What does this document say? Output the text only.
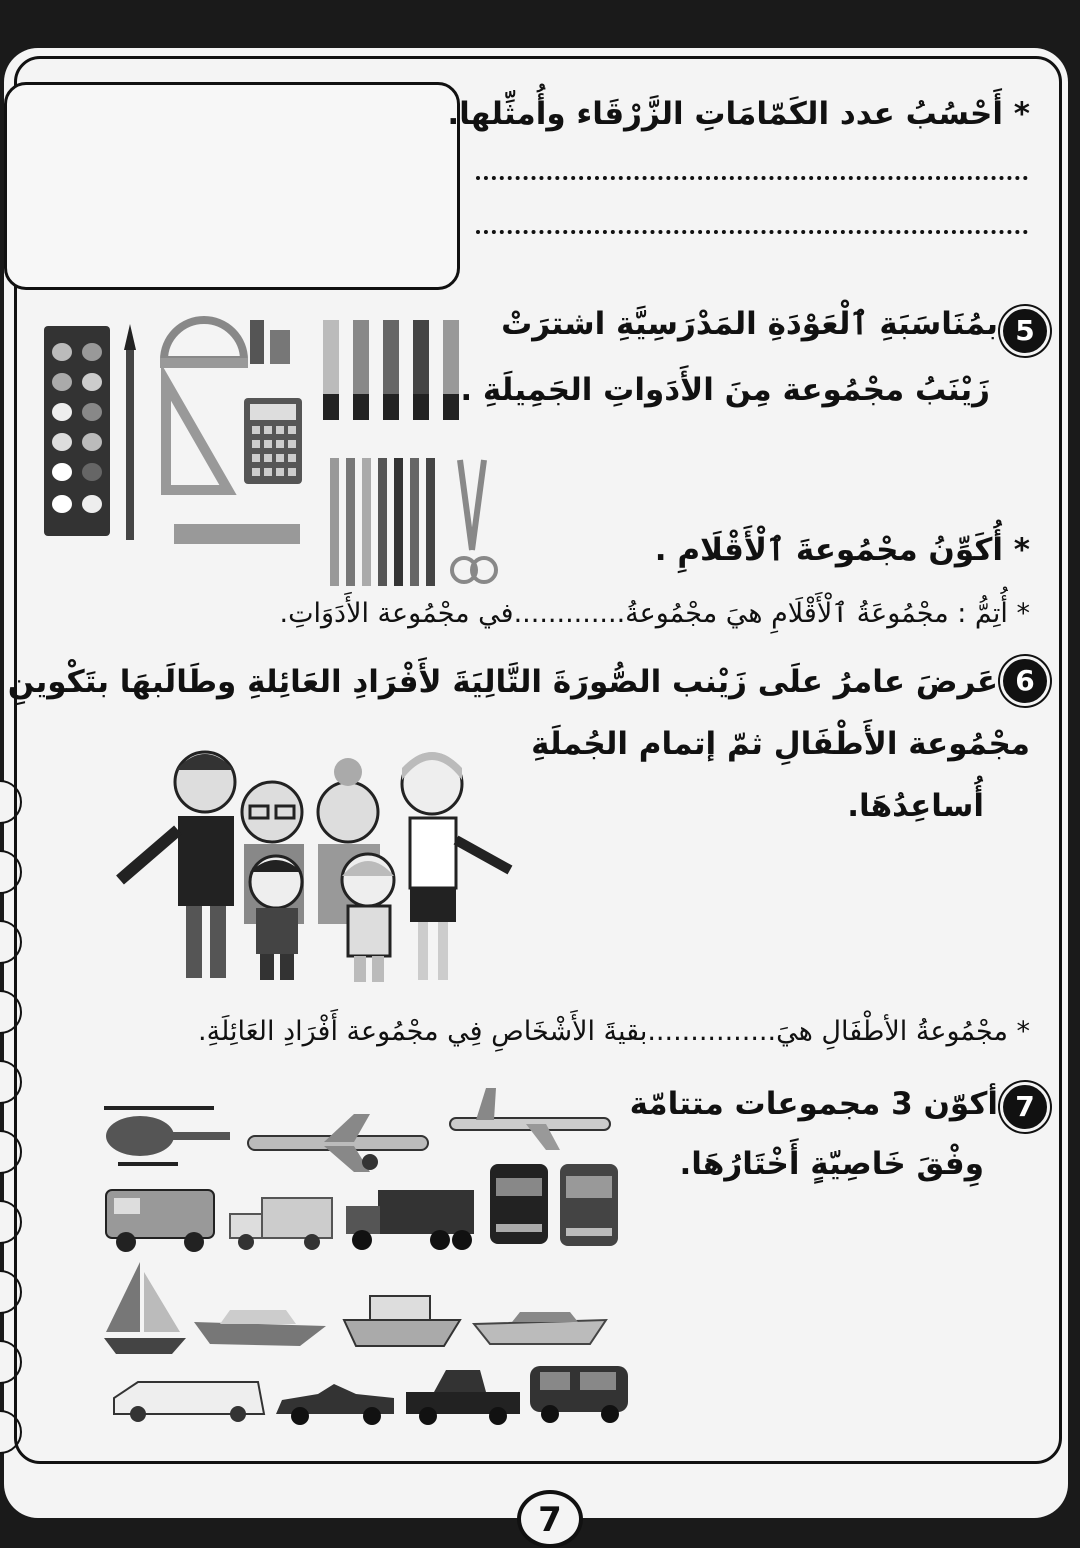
* أَحْسُبُ عدد الكَمّامَاتِ الزَّرْقَاء وأُمثِّلها.
5
بمُنَاسَبَةِ ٱلْعَوْدَةِ المَدْرَسِيَّةِ اشترَتْ
زَيْنَبُ مجْمُوعة مِنَ الأَدَواتِ الجَمِيلَةِ .
* أُكَوِّنُ مجْمُوعةَ ٱلْأَقْلَامِ .
* أُتِمُّ : مجْمُوعَةُ ٱلْأَقْلَامِ هيَ مجْمُوعةُ.............في مجْمُوعة الأَدَوَاتِ.
6
عَرضَ عامرُ علَى زَيْنب الصُّورَةَ التَّالِيَةَ لأَفْرَادِ العَائِلةِ وطَالَبهَا بتَكْوينِ
مجْمُوعة الأَطْفَالِ ثمّ إتمام الجُملَةِ
أُساعِدُهَا.
* مجْمُوعةُ الأطْفَالِ هيَ...............بقيةَ الأَشْخَاصِ فِي مجْمُوعة أَفْرَادِ العَائِلَةِ.
7
أكوّن 3 مجموعات متتامّة
وِفْقَ خَاصِيّةٍ أَخْتَارُهَا.
7
